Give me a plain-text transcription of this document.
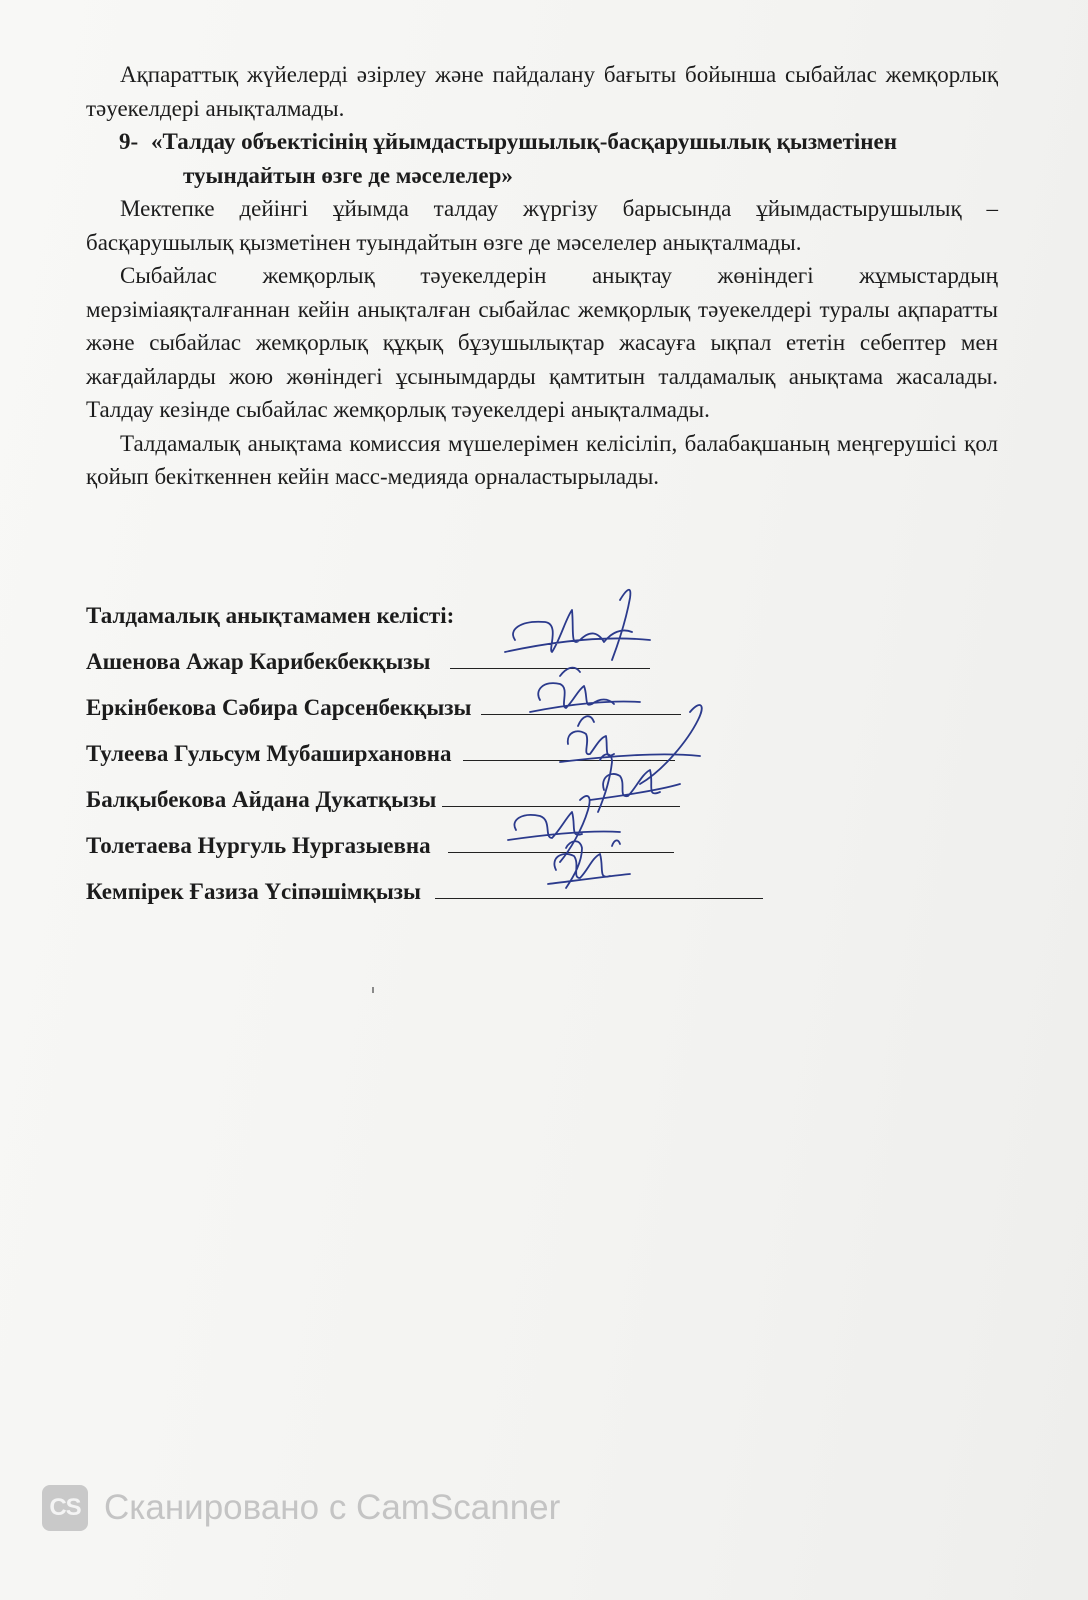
Ақпараттық жүйелерді әзірлеу және пайдалану бағыты бойынша сыбайлас жемқорлық тәуекелдері анықталмады.

9- «Талдау объектісінің ұйымдастырушылық-басқарушылық қызметінен
туындайтын өзге де мәселелер»

Мектепке дейінгі ұйымда талдау жүргізу барысында ұйымдастырушылық – басқарушылық қызметінен туындайтын өзге де мәселелер анықталмады.

Сыбайлас жемқорлық тәуекелдерін анықтау жөніндегі жұмыстардың мерзіміаяқталғаннан кейін анықталған сыбайлас жемқорлық тәуекелдері туралы ақпаратты және сыбайлас жемқорлық құқық бұзушылықтар жасауға ықпал ететін себептер мен жағдайларды жою жөніндегі ұсынымдарды қамтитын талдамалық анықтама жасалады. Талдау кезінде сыбайлас жемқорлық тәуекелдері анықталмады.

Талдамалық анықтама комиссия мүшелерімен келісіліп, балабақшаның меңгерушісі қол қойып бекіткеннен кейін масс-медияда орналастырылады.

Талдамалық анықтамамен келісті:
Ашенова Ажар Карибекбекқызы
Еркінбекова Сәбира Сарсенбекқызы
Тулеева Гульсум Мубаширхановна
Балқыбекова Айдана Дукатқызы
Толетаева Нургуль Нургазыевна
Кемпірек Ғазиза Үсіпәшімқызы
CS Сканировано с CamScanner
